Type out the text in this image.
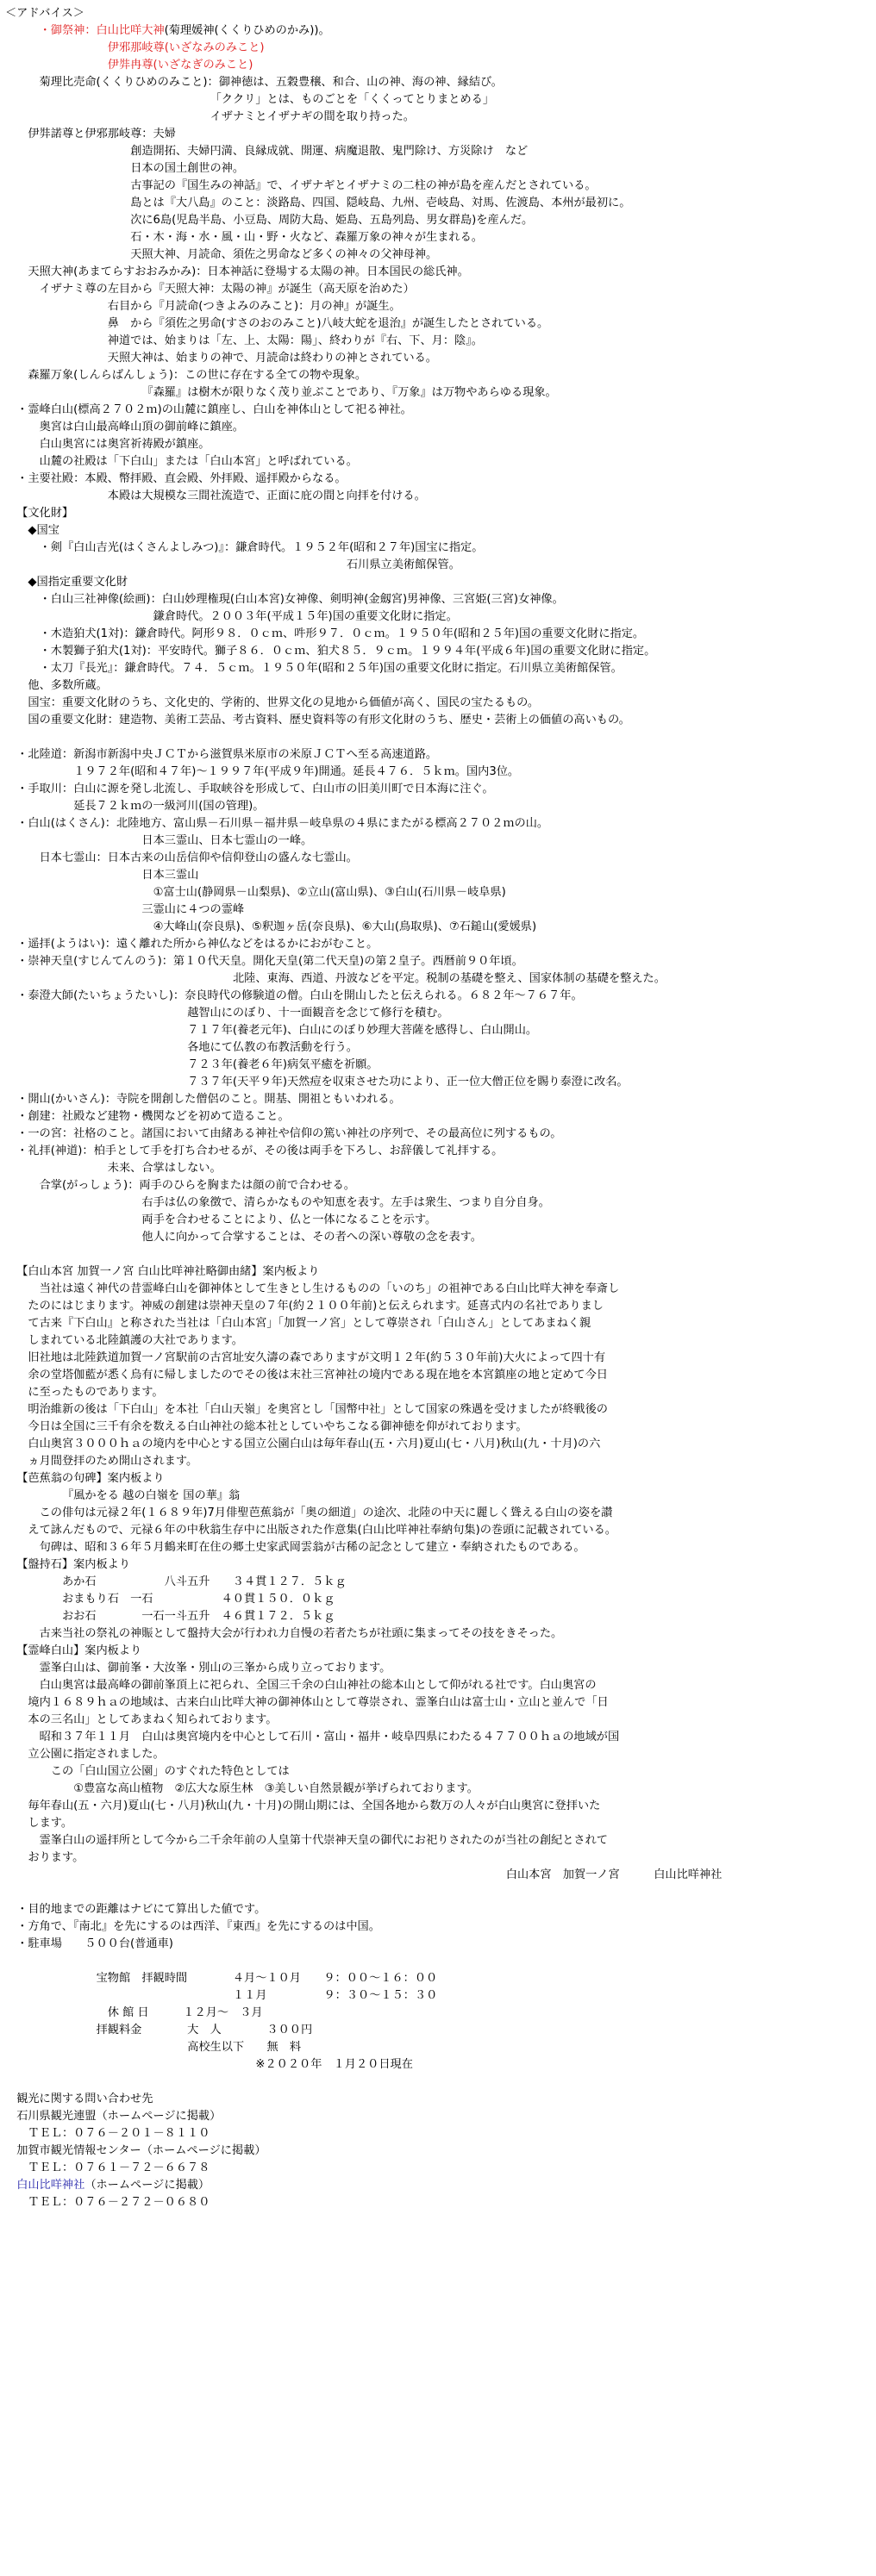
＜アドバイス＞
・御祭神：白山比咩大神(菊理媛神(くくりひめのかみ))。
伊邪那岐尊(いざなみのみこと)
伊弉冉尊(いざなぎのみこと)
菊理比売命(くくりひめのみこと)：御神徳は、五穀豊穣、和合、山の神、海の神、縁結び。
「ククリ」とは、ものごとを「くくってとりまとめる」
イザナミとイザナギの間を取り持った。
伊弉諾尊と伊邪那岐尊：夫婦
創造開拓、夫婦円満、良縁成就、開運、病魔退散、鬼門除け、方災除け　など
日本の国土創世の神。
古事記の『国生みの神話』で、イザナギとイザナミの二柱の神が島を産んだとされている。
島とは『大八島』のこと：淡路島、四国、隠岐島、九州、壱岐島、対馬、佐渡島、本州が最初に。
次に6島(児島半島、小豆島、周防大島、姫島、五島列島、男女群島)を産んだ。
石・木・海・水・風・山・野・火など、森羅万象の神々が生まれる。
天照大神、月読命、須佐之男命など多くの神々の父神母神。
天照大神(あまてらすおおみかみ)：日本神話に登場する太陽の神。日本国民の総氏神。
イザナミ尊の左目から『天照大神：太陽の神』が誕生（高天原を治めた）
右目から『月読命(つきよみのみこと)：月の神』が誕生。
鼻　から『須佐之男命(すさのおのみこと)八岐大蛇を退治』が誕生したとされている。
神道では、始まりは「左、上、太陽：陽」、終わりが『右、下、月：陰』。
天照大神は、始まりの神で、月読命は終わりの神とされている。
森羅万象(しんらばんしょう)：この世に存在する全ての物や現象。
『森羅』は樹木が限りなく茂り並ぶことであり、『万象』は万物やあらゆる現象。
・霊峰白山(標高２７０２ｍ)の山麓に鎮座し、白山を神体山として祀る神社。
奥宮は白山最高峰山頂の御前峰に鎮座。
白山奥宮には奥宮祈祷殿が鎮座。
山麓の社殿は「下白山」または「白山本宮」と呼ばれている。
・主要社殿：本殿、幣拝殿、直会殿、外拝殿、遥拝殿からなる。
本殿は大規模な三間社流造で、正面に庇の間と向拝を付ける。
【文化財】
◆国宝
・剣『白山吉光(はくさんよしみつ)』：鎌倉時代。１９５２年(昭和２７年)国宝に指定。
石川県立美術館保管。
◆国指定重要文化財
・白山三社神像(絵画)：白山妙理権現(白山本宮)女神像、剣明神(金劔宮)男神像、三宮姫(三宮)女神像。
鎌倉時代。２００３年(平成１５年)国の重要文化財に指定。
・木造狛犬(1対)：鎌倉時代。阿形９８．０ｃｍ、吽形９７．０ｃｍ。１９５０年(昭和２５年)国の重要文化財に指定。
・木製獅子狛犬(1対)：平安時代。獅子８６．０ｃｍ、狛犬８５．９ｃｍ。１９９４年(平成６年)国の重要文化財に指定。
・太刀『長光』：鎌倉時代。７４．５ｃｍ。１９５０年(昭和２５年)国の重要文化財に指定。石川県立美術館保管。
他、多数所蔵。
国宝：重要文化財のうち、文化史的、学術的、世界文化の見地から価値が高く、国民の宝たるもの。
国の重要文化財：建造物、美術工芸品、考古資料、歴史資料等の有形文化財のうち、歴史・芸術上の価値の高いもの。
・北陸道：新潟市新潟中央ＪＣＴから滋賀県米原市の米原ＪＣＴへ至る高速道路。
１９７２年(昭和４７年)～１９９７年(平成９年)開通。延長４７６．５ｋｍ。国内3位。
・手取川：白山に源を発し北流し、手取峡谷を形成して、白山市の旧美川町で日本海に注ぐ。
延長７２ｋｍの一級河川(国の管理)。
・白山(はくさん)：北陸地方、富山県－石川県－福井県－岐阜県の４県にまたがる標高２７０２ｍの山。
日本三霊山、日本七霊山の一峰。
日本七霊山：日本古来の山岳信仰や信仰登山の盛んな七霊山。
日本三霊山
①富士山(静岡県－山梨県)、②立山(富山県)、③白山(石川県－岐阜県)
三霊山に４つの霊峰
④大峰山(奈良県)、⑤釈迦ヶ岳(奈良県)、⑥大山(鳥取県)、⑦石鎚山(愛媛県)
・遥拝(ようはい)：遠く離れた所から神仏などをはるかにおがむこと。
・崇神天皇(すじんてんのう)：第１０代天皇。開化天皇(第二代天皇)の第２皇子。西暦前９０年頃。
北陸、東海、西道、丹波などを平定。税制の基礎を整え、国家体制の基礎を整えた。
・泰澄大師(たいちょうたいし)：奈良時代の修験道の僧。白山を開山したと伝えられる。６８２年～７６７年。
越智山にのぼり、十一面観音を念じて修行を積む。
７１７年(養老元年)、白山にのぼり妙理大菩薩を感得し、白山開山。
各地にて仏教の布教活動を行う。
７２３年(養老６年)病気平癒を祈願。
７３７年(天平９年)天然痘を収束させた功により、正一位大僧正位を賜り泰澄に改名。
・開山(かいさん)：寺院を開創した僧侶のこと。開基、開祖ともいわれる。
・創建：社殿など建物・機関などを初めて造ること。
・一の宮：社格のこと。諸国において由緒ある神社や信仰の篤い神社の序列で、その最高位に列するもの。
・礼拝(神道)：柏手として手を打ち合わせるが、その後は両手を下ろし、お辞儀して礼拝する。
未来、合掌はしない。
合掌(がっしょう)：両手のひらを胸または顔の前で合わせる。
右手は仏の象徴で、清らかなものや知恵を表す。左手は衆生、つまり自分自身。
両手を合わせることにより、仏と一体になることを示す。
他人に向かって合掌することは、その者への深い尊敬の念を表す。
【白山本宮 加賀一ノ宮 白山比咩神社略御由緒】案内板より
当社は遠く神代の昔霊峰白山を御神体として生きとし生けるものの「いのち」の祖神である白山比咩大神を奉斎し
たのにはじまります。神威の創建は崇神天皇の７年(約２１００年前)と伝えられます。延喜式内の名社でありまし
て古来『下白山』と称された当社は「白山本宮」「加賀一ノ宮」として尊崇され「白山さん」としてあまねく親
しまれている北陸鎮護の大社であります。
旧社地は北陸鉄道加賀一ノ宮駅前の古宮址安久濤の森でありますが文明１２年(約５３０年前)大火によって四十有
余の堂塔伽藍が悉く烏有に帰しましたのでその後は末社三宮神社の境内である現在地を本宮鎮座の地と定めて今日
に至ったものであります。
明治維新の後は「下白山」を本社「白山天嶺」を奥宮とし「国幣中社」として国家の殊遇を受けましたが終戦後の
今日は全国に三千有余を数える白山神社の総本社としていやちこなる御神徳を仰がれております。
白山奥宮３０００ｈａの境内を中心とする国立公園白山は毎年春山(五・六月)夏山(七・八月)秋山(九・十月)の六
ヵ月間登拝のため開山されます。
【芭蕉翁の句碑】案内板より
『風かをる 越の白嶺を 国の華』翁
この俳句は元禄２年(１６８９年)7月俳聖芭蕉翁が「奥の細道」の途次、北陸の中天に麗しく聳える白山の姿を讃
えて詠んだもので、元禄６年の中秋翁生存中に出版された作意集(白山比咩神社奉納句集)の巻頭に記載されている。
句碑は、昭和３６年５月鶴来町在住の郷土史家武岡雲翁が古稀の記念として建立・奉納されたものである。
【盤持石】案内板より
あか石　　　　　　八斗五升　　３４貫１２７．５ｋｇ
おまもり石　一石　　　　　　４０貫１５０．０ｋｇ
おお石　　　　一石一斗五升　４６貫１７２．５ｋｇ
古来当社の祭礼の神賑として盤持大会が行われ力自慢の若者たちが社頭に集まってその技をきそった。
【霊峰白山】案内板より
霊峯白山は、御前峯・大汝峯・別山の三峯から成り立っております。
白山奥宮は最高峰の御前峯頂上に祀られ、全国三千余の白山神社の総本山として仰がれる社です。白山奥宮の
境内１６８９ｈａの地域は、古来白山比咩大神の御神体山として尊崇され、霊峯白山は富士山・立山と並んで「日
本の三名山」としてあまねく知られております。
昭和３７年１１月　白山は奥宮境内を中心として石川・富山・福井・岐阜四県にわたる４７７００ｈａの地域が国
立公園に指定されました。
この「白山国立公園」のすぐれた特色としては
①豊富な高山植物　②広大な原生林　③美しい自然景観が挙げられております。
毎年春山(五・六月)夏山(七・八月)秋山(九・十月)の開山期には、全国各地から数万の人々が白山奥宮に登拝いた
します。
霊峯白山の遥拝所として今から二千余年前の人皇第十代崇神天皇の御代にお祀りされたのが当社の創紀とされて
おります。
白山本宮　加賀一ノ宮　　　白山比咩神社
・目的地までの距離はナビにて算出した値です。
・方角で、『南北』を先にするのは西洋、『東西』を先にするのは中国。
・駐車場　　５００台(普通車)
宝物館　拝観時間　　　　４月～１０月　　９：００～１６：００
１１月　　　　　９：３０～１５：３０
休 館 日　　　１２月～　３月
拝観料金　　　　大　人　　　　３００円
高校生以下　　無　料
※２０２０年　１月２０日現在
観光に関する問い合わせ先
石川県観光連盟（ホームページに掲載）
ＴＥＬ：０７６－２０１－８１１０
加賀市観光情報センター（ホームページに掲載）
ＴＥＬ：０７６１－７２－６６７８
白山比咩神社（ホームページに掲載）
ＴＥＬ：０７６－２７２－０６８０
